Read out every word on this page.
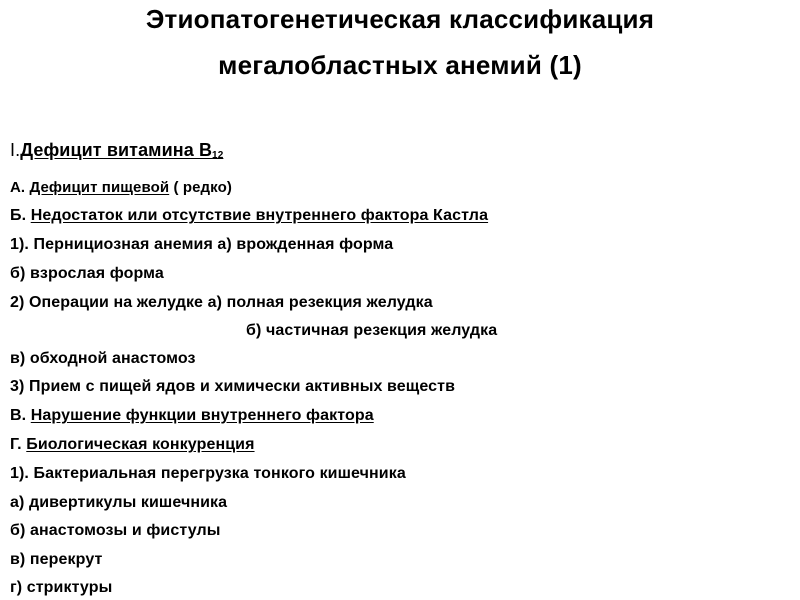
Этиопатогенетическая классификация
мегалобластных анемий (1)
I.Дефицит витамина $В_{12}$
А. Дефицит пищевой ( редко)
Б. Недостаток или отсутствие внутреннего фактора Кастла
1). Пернициозная анемия а) врожденная форма
б) взрослая форма
2) Операции на желудке а) полная резекция желудка
б) частичная резекция желудка
в) обходной анастомоз
3) Прием с пищей ядов и химически активных веществ
В. Нарушение функции внутреннего фактора
Г. Биологическая конкуренция
1). Бактериальная перегрузка тонкого кишечника
а) дивертикулы кишечника
б) анастомозы и фистулы
в) перекрут
г) стриктуры
